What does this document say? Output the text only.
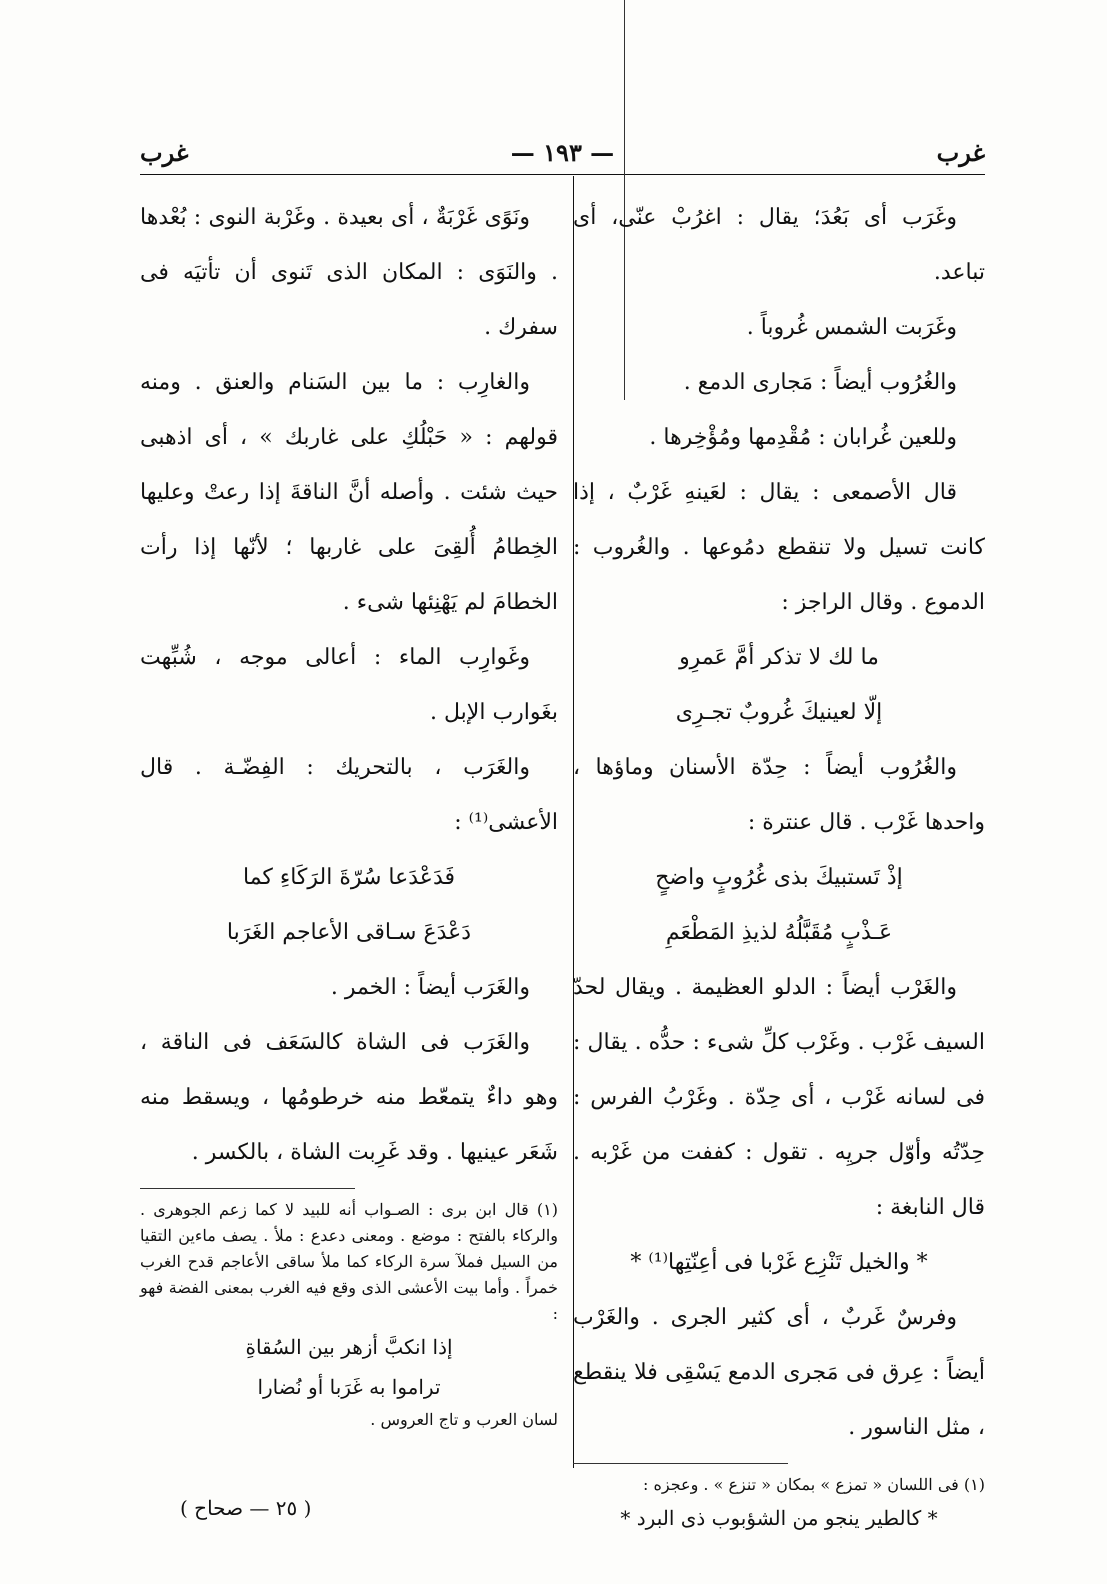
غرب
— ١٩٣ —
غرب

وغَرَب أى بَعُدَ؛ يقال : اغرُبْ عنّى، أى تباعد.

وغَرَبت الشمس غُروباً .

والغُرُوب أيضاً : مَجارى الدمع .

وللعين غُرابان : مُقْدِمها ومُؤْخِرها .

قال الأصمعى : يقال : لعَينهِ غَرْبٌ ، إذا كانت تسيل ولا تنقطع دمُوعها . والغُروب : الدموع . وقال الراجز :

ما لك لا تذكر أمَّ عَمرِو

إلّا لعينيكَ غُروبٌ تجـرِى

والغُرُوب أيضاً : حِدّة الأسنان وماؤها ، واحدها غَرْب . قال عنترة :

إذْ تَستبيكَ بذى غُرُوبٍ واضحٍ

عَـذْبٍ مُقَبَّلُهُ لذيذِ المَطْعَمِ

والغَرْب أيضاً : الدلو العظيمة . ويقال لحدّ السيف غَرْب . وغَرْب كلِّ شىء : حدُّه . يقال : فى لسانه غَرْب ، أى حِدّة . وغَرْبُ الفرس : حِدّتُه وأوّل جريِه . تقول : كففت من غَرْبه . قال النابغة :

* والخيل تَنْزِع غَرْبا فى أعِنّتِها⁽¹⁾ *

وفرسٌ غَربٌ ، أى كثير الجرى . والغَرْب أيضاً : عِرق فى مَجرى الدمع يَسْقِى فلا ينقطع ، مثل الناسور .

(١) فى اللسان « تمزع » بمكان « تنزع » . وعجزه :

* كالطير ينجو من الشؤبوب ذى البرد *

ونَوًى غَرْبَةٌ ، أى بعيدة . وغَرْبة النوى : بُعْدها . والنَوَى : المكان الذى تَنوى أن تأتيَه فى سفرك .

والغارِب : ما بين السَنام والعنق . ومنه قولهم : « حَبْلُكِ على غاربك » ، أى اذهبى حيث شئت . وأصله أنَّ الناقةَ إذا رعتْ وعليها الخِطامُ أُلقِىَ على غاربها ؛ لأنّها إذا رأت الخطامَ لم يَهْنِئها شىء .

وغَوارِب الماء : أعالى موجه ، شُبِّهت بغَوارب الإبل .

والغَرَب ، بالتحريك : الفِضّـة . قال الأعشى⁽¹⁾ :

فَدَعْدَعا سُرّةَ الرَكَاءِ كما

دَعْدَعَ سـاقى الأعاجم الغَرَبا

والغَرَب أيضاً : الخمر .

والغَرَب فى الشاة كالسَعَف فى الناقة ، وهو داءٌ يتمعّط منه خرطومُها ، ويسقط منه شَعَر عينيها . وقد غَرِبت الشاة ، بالكسر .

(١) قال ابن برى : الصـواب أنه للبيد لا كما زعم الجوهرى . والركاء بالفتح : موضع . ومعنى دعدع : ملأ . يصف ماءين التقيا من السيل فملآ سرة الركاء كما ملأ ساقى الأعاجم قدح الغرب خمراً . وأما بيت الأعشى الذى وقع فيه الغرب بمعنى الفضة فهو :

إذا انكبَّ أزهر بين السُقاةِ

تراموا به غَرَبا أو نُضارا

لسان العرب و تاج العروس .

( ٢٥ — صحاح )
